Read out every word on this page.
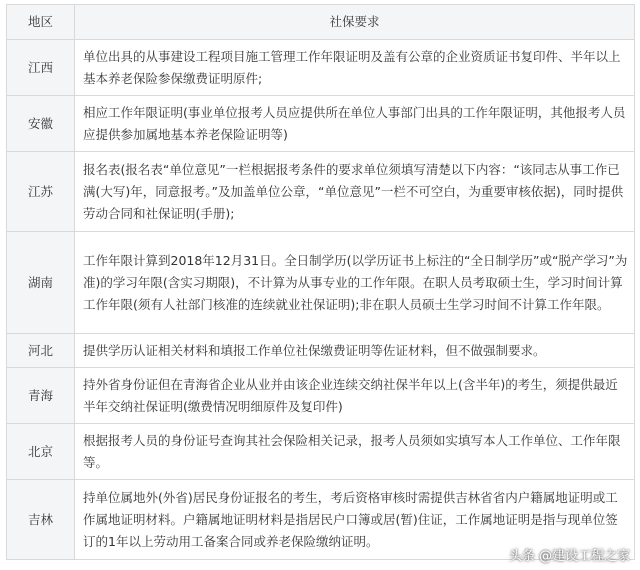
地区	社保要求
江西	单位出具的从事建设工程项目施工管理工作年限证明及盖有公章的企业资质证书复印件、半年以上基本养老保险参保缴费证明原件;
安徽	相应工作年限证明(事业单位报考人员应提供所在单位人事部门出具的工作年限证明，其他报考人员应提供参加属地基本养老保险证明等)
江苏	报名表(报名表“单位意见”一栏根据报考条件的要求单位须填写清楚以下内容：“该同志从事工作已满(大写)年，同意报考。”及加盖单位公章，“单位意见”一栏不可空白，为重要审核依据)，同时提供劳动合同和社保证明(手册);
湖南	工作年限计算到2018年12月31日。全日制学历(以学历证书上标注的“全日制学历”或“脱产学习”为准)的学习年限(含实习期限)，不计算为从事专业的工作年限。在职人员考取硕士生，学习时间计算工作年限(须有人社部门核准的连续就业社保证明);非在职人员硕士生学习时间不计算工作年限。
河北	提供学历认证相关材料和填报工作单位社保缴费证明等佐证材料，但不做强制要求。
青海	持外省身份证但在青海省企业从业并由该企业连续交纳社保半年以上(含半年)的考生，须提供最近半年交纳社保证明(缴费情况明细原件及复印件)
北京	根据报考人员的身份证号查询其社会保险相关记录，报考人员须如实填写本人工作单位、工作年限等。
吉林	持单位属地外(外省)居民身份证报名的考生，考后资格审核时需提供吉林省省内户籍属地证明或工作属地证明材料。户籍属地证明材料是指居民户口簿或居(暂)住证，工作属地证明是指与现单位签订的1年以上劳动用工备案合同或养老保险缴纳证明。
头条 @建设工程之家
